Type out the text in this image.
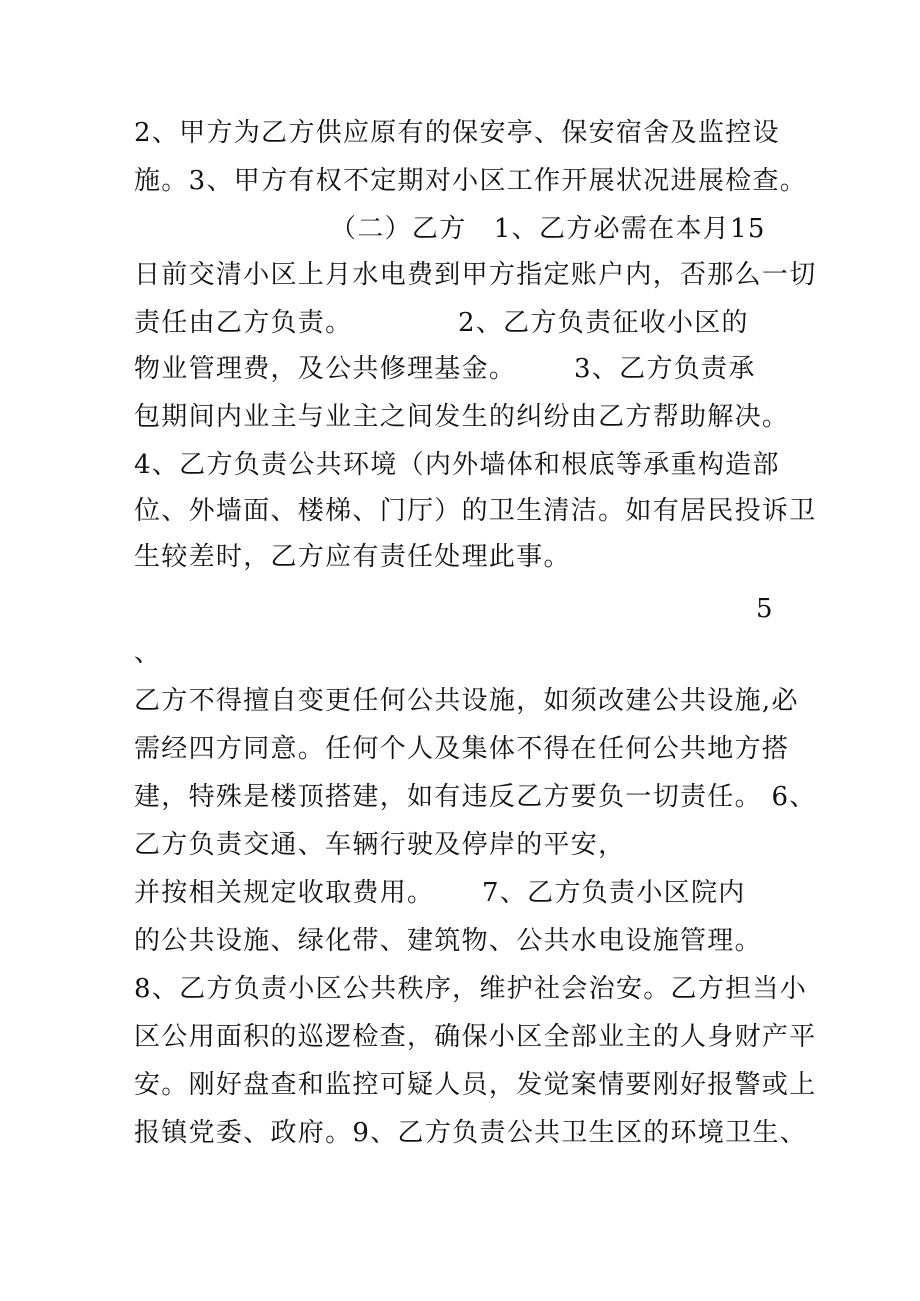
2、甲方为乙方供应原有的保安亭、保安宿舍及监控设
施。3、甲方有权不定期对小区工作开展状况进展检查。
（二）乙方　1、乙方必需在本月15
日前交清小区上月水电费到甲方指定账户内，否那么一切
责任由乙方负责。	2、乙方负责征收小区的
物业管理费，及公共修理基金。 3、乙方负责承
包期间内业主与业主之间发生的纠纷由乙方帮助解决。
4、乙方负责公共环境（内外墙体和根底等承重构造部
位、外墙面、楼梯、门厅）的卫生清洁。如有居民投诉卫
生较差时，乙方应有责任处理此事。
5
、
乙方不得擅自变更任何公共设施，如须改建公共设施,必
需经四方同意。任何个人及集体不得在任何公共地方搭
建，特殊是楼顶搭建，如有违反乙方要负一切责任。 6、
乙方负责交通、车辆行驶及停岸的平安，
并按相关规定收取费用。 7、乙方负责小区院内
的公共设施、绿化带、建筑物、公共水电设施管理。
8、乙方负责小区公共秩序，维护社会治安。乙方担当小
区公用面积的巡逻检查，确保小区全部业主的人身财产平
安。刚好盘查和监控可疑人员，发觉案情要刚好报警或上
报镇党委、政府。9、乙方负责公共卫生区的环境卫生、
